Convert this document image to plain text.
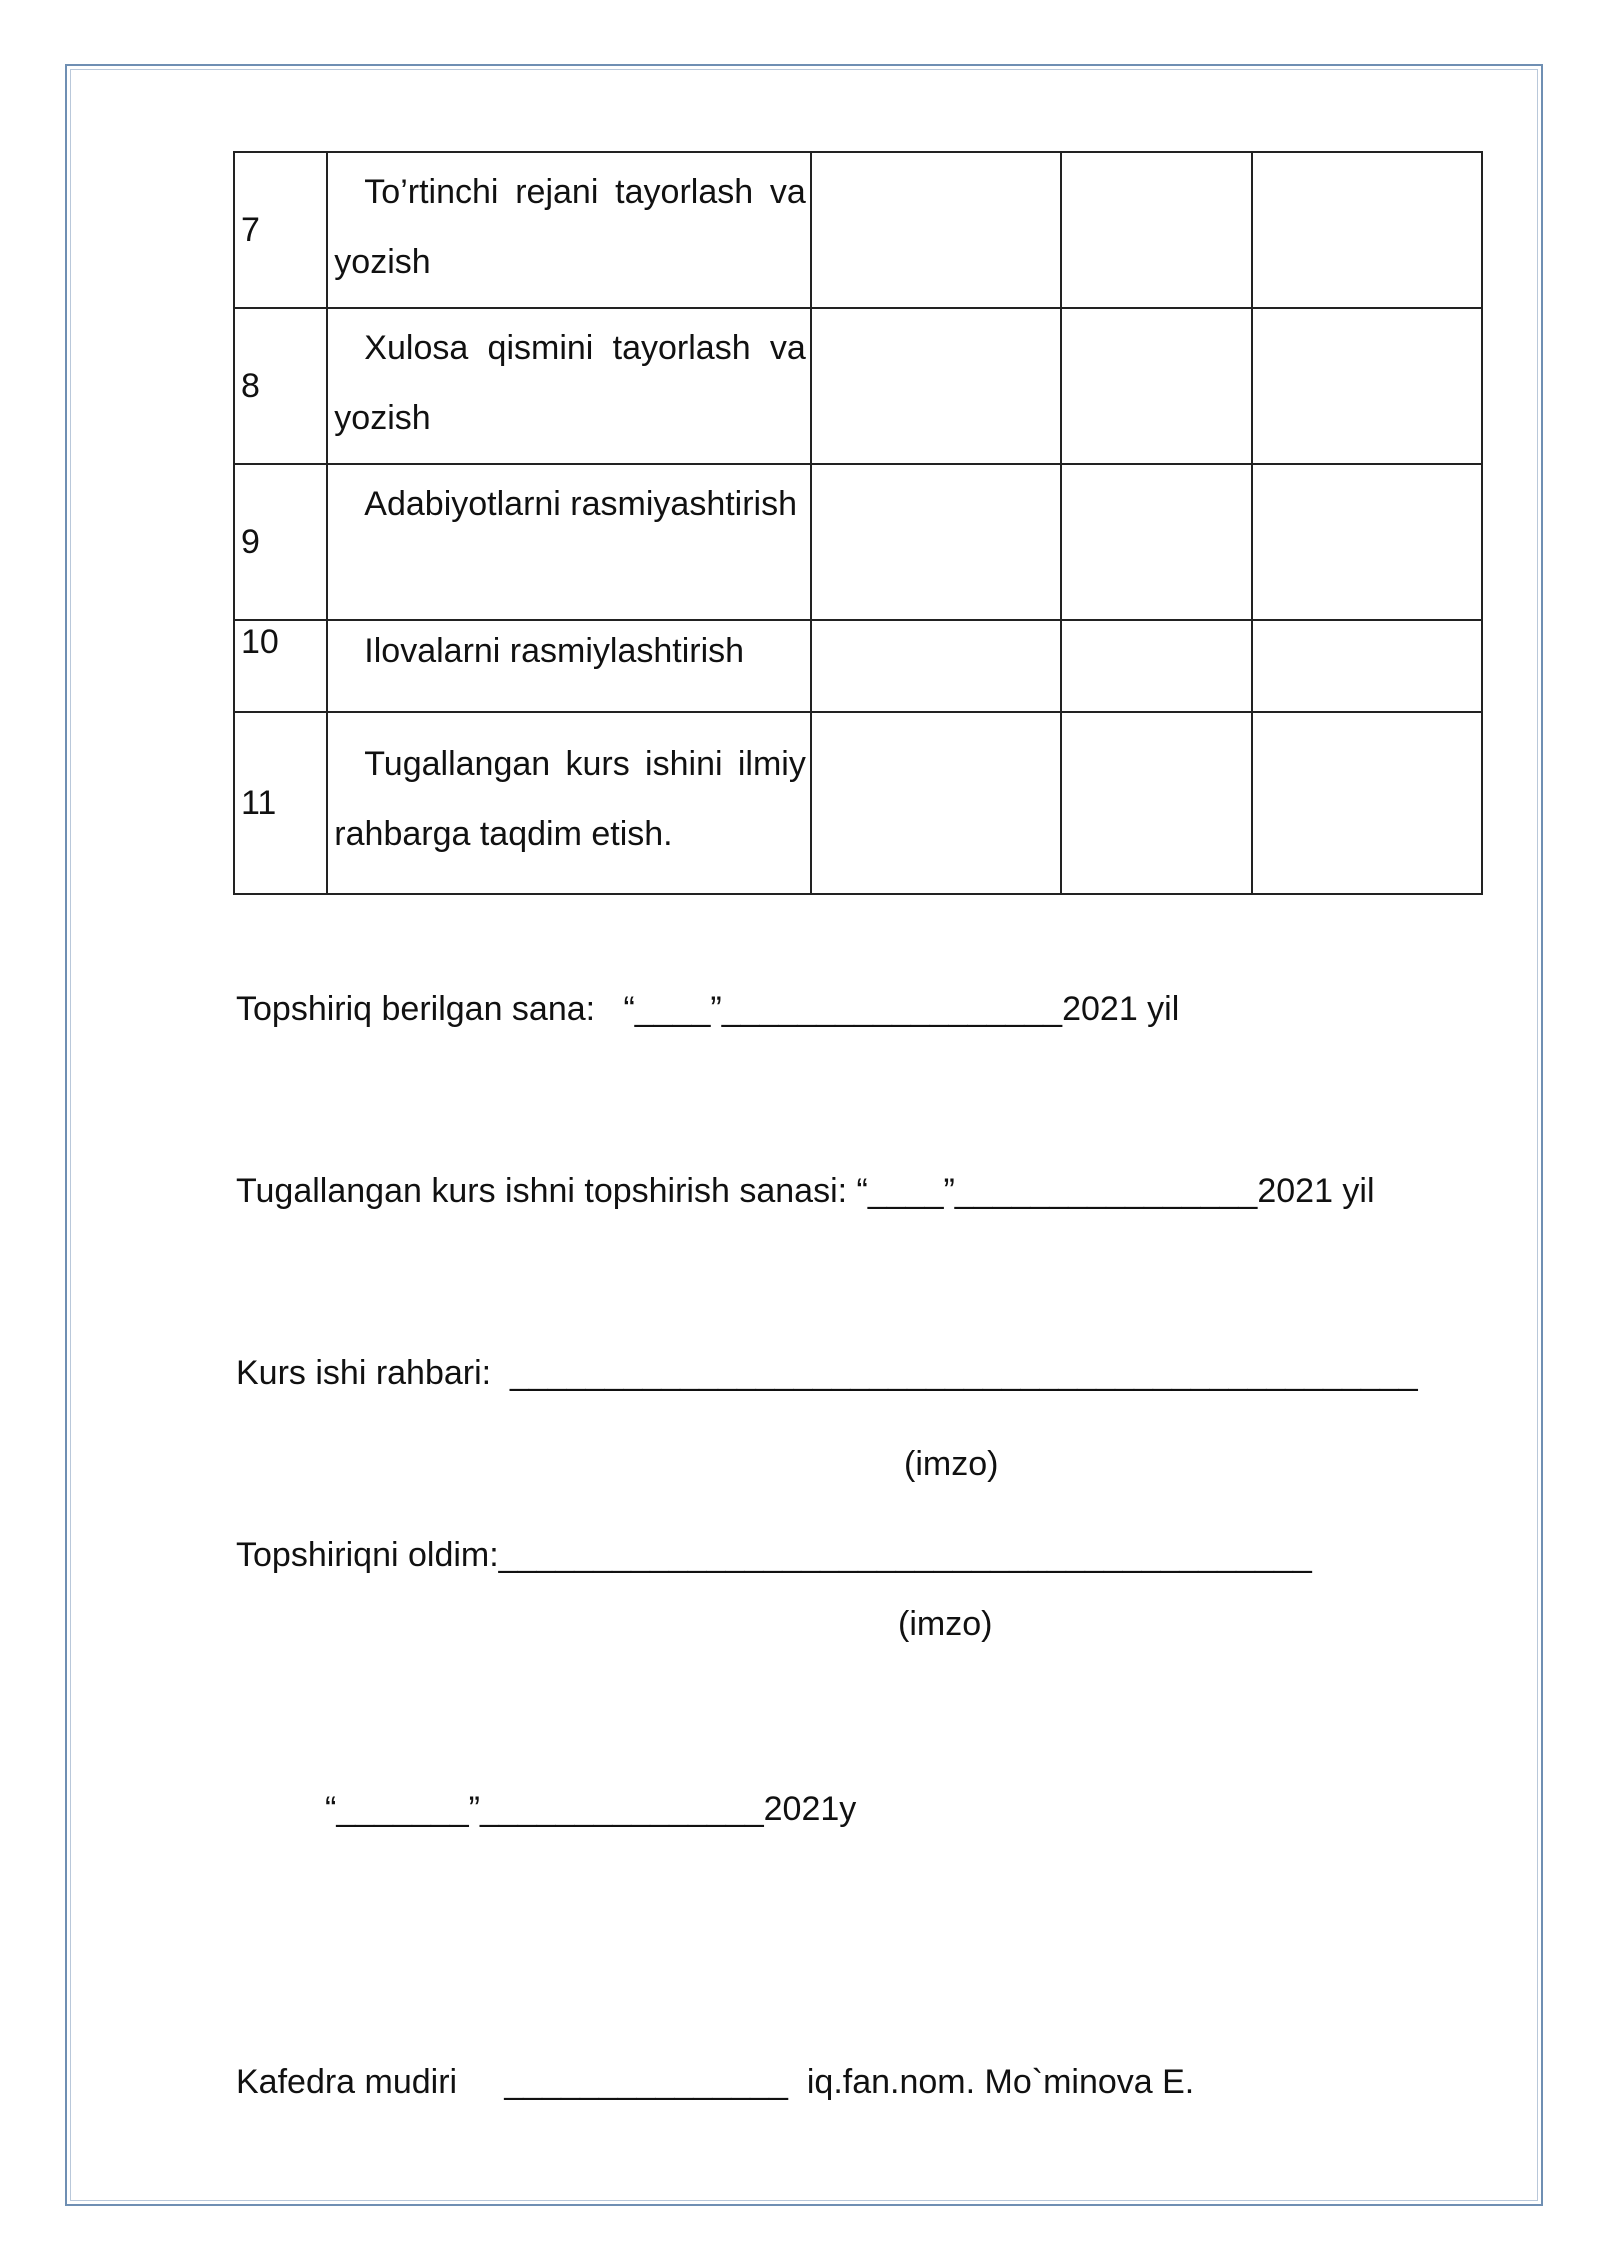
7	To’rtinchi rejani tayorlash va yozish			
8	Xulosa qismini tayorlash va yozish			
9	Adabiyotlarni rasmiyashtirish			
10	Ilovalarni rasmiylashtirish			
11	Tugallangan kurs ishini ilmiy rahbarga taqdim etish.			
Topshiriq berilgan sana:   “____”__________________2021 yil
Tugallangan kurs ishni topshirish sanasi: “____”________________2021 yil
Kurs ishi rahbari:  ________________________________________________
(imzo)
Topshiriqni oldim:___________________________________________
(imzo)
“_______”_______________2021y
Kafedra mudiri     _______________  iq.fan.nom. Mo`minova E.
